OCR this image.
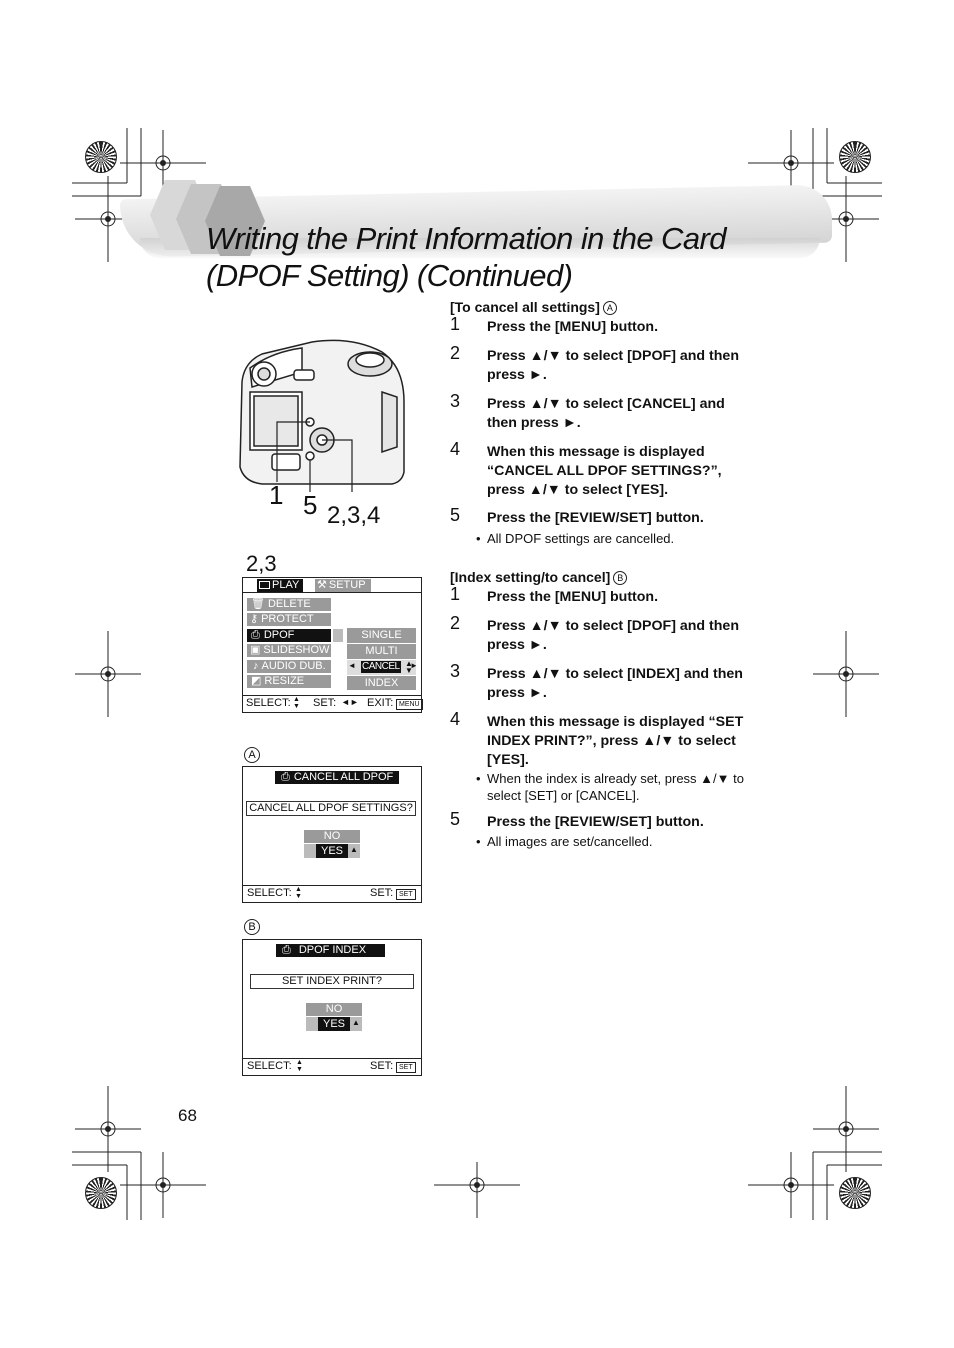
Writing the Print Information in the Card
(DPOF Setting) (Continued)
1 5 2,3,4
2,3
PLAY	⚒ SETUP
🗑 DELETE
⚷ PROTECT
⎙ DPOF
▣ SLIDESHOW
♪ AUDIO DUB.
◩ RESIZE
SINGLE
MULTI
◄ CANCEL ▲
▼
►
INDEX
SELECT: ▲
▼ SET: ◄► EXIT: MENU
A
⎙ CANCEL ALL DPOF
CANCEL ALL DPOF SETTINGS?
NO
YES ▲
SELECT: ▲
▼	SET: SET
B
⎙ DPOF INDEX
SET INDEX PRINT?
NO
YES ▲
SELECT: ▲
▼	SET: SET
[To cancel all settings] A
1 Press the [MENU] button.
2 Press ▲/▼ to select [DPOF] and then press ►.
3 Press ▲/▼ to select [CANCEL] and then press ►.
4 When this message is displayed “CANCEL ALL DPOF SETTINGS?”, press ▲/▼ to select [YES].
5 Press the [REVIEW/SET] button.
• All DPOF settings are cancelled.
[Index setting/to cancel] B
1 Press the [MENU] button.
2 Press ▲/▼ to select [DPOF] and then press ►.
3 Press ▲/▼ to select [INDEX] and then press ►.
4 When this message is displayed “SET INDEX PRINT?”, press ▲/▼ to select [YES].
• When the index is already set, press ▲/▼ to select [SET] or [CANCEL].
5 Press the [REVIEW/SET] button.
• All images are set/cancelled.
68
